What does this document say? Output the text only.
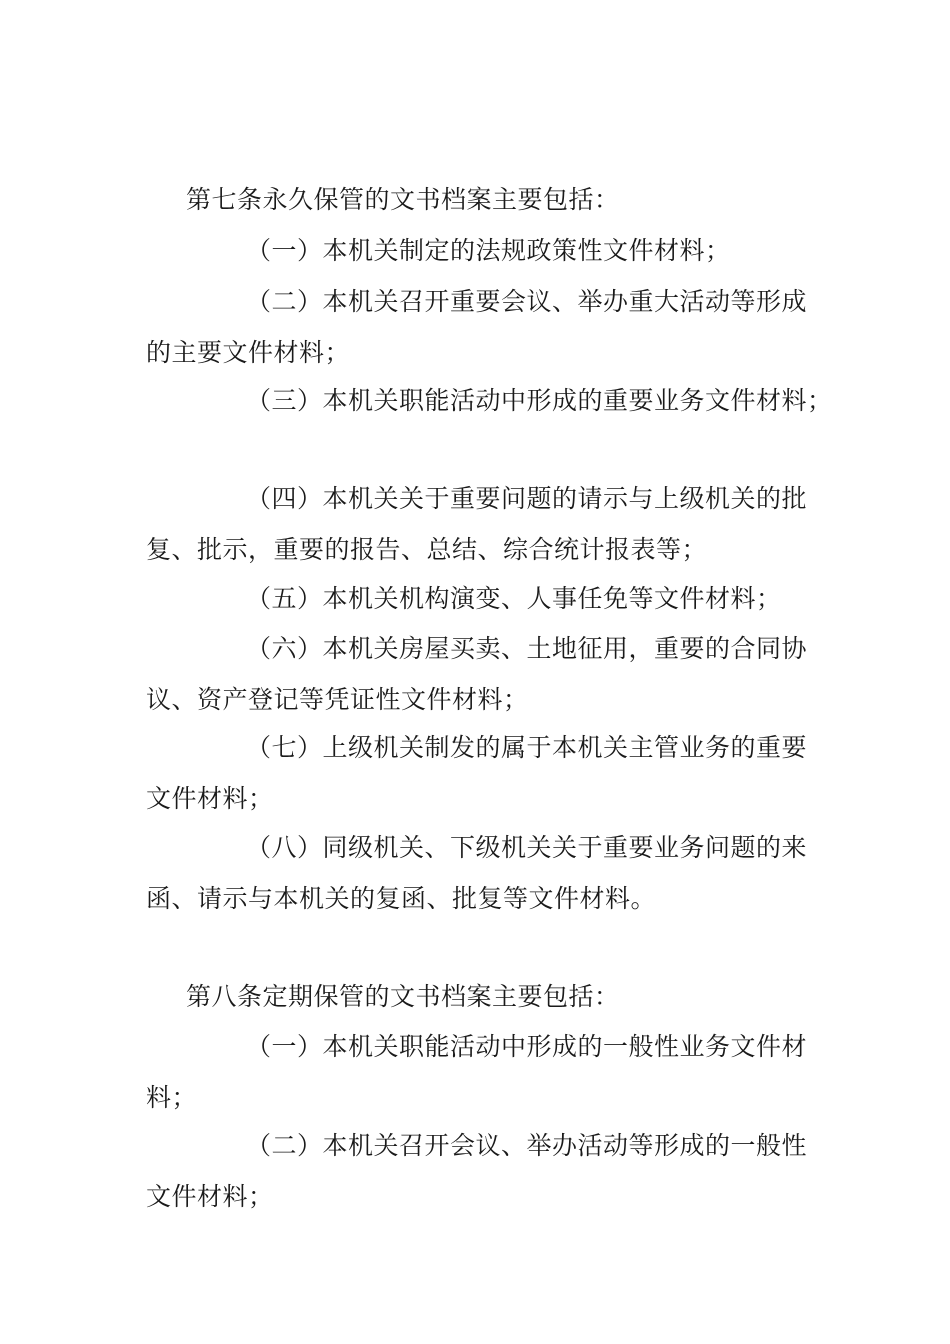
第七条永久保管的文书档案主要包括：
（一）本机关制定的法规政策性文件材料；
（二）本机关召开重要会议、举办重大活动等形成
的主要文件材料；
（三）本机关职能活动中形成的重要业务文件材料；
（四）本机关关于重要问题的请示与上级机关的批
复、批示，重要的报告、总结、综合统计报表等；
（五）本机关机构演变、人事任免等文件材料；
（六）本机关房屋买卖、土地征用，重要的合同协
议、资产登记等凭证性文件材料；
（七）上级机关制发的属于本机关主管业务的重要
文件材料；
（八）同级机关、下级机关关于重要业务问题的来
函、请示与本机关的复函、批复等文件材料。
第八条定期保管的文书档案主要包括：
（一）本机关职能活动中形成的一般性业务文件材
料；
（二）本机关召开会议、举办活动等形成的一般性
文件材料；
